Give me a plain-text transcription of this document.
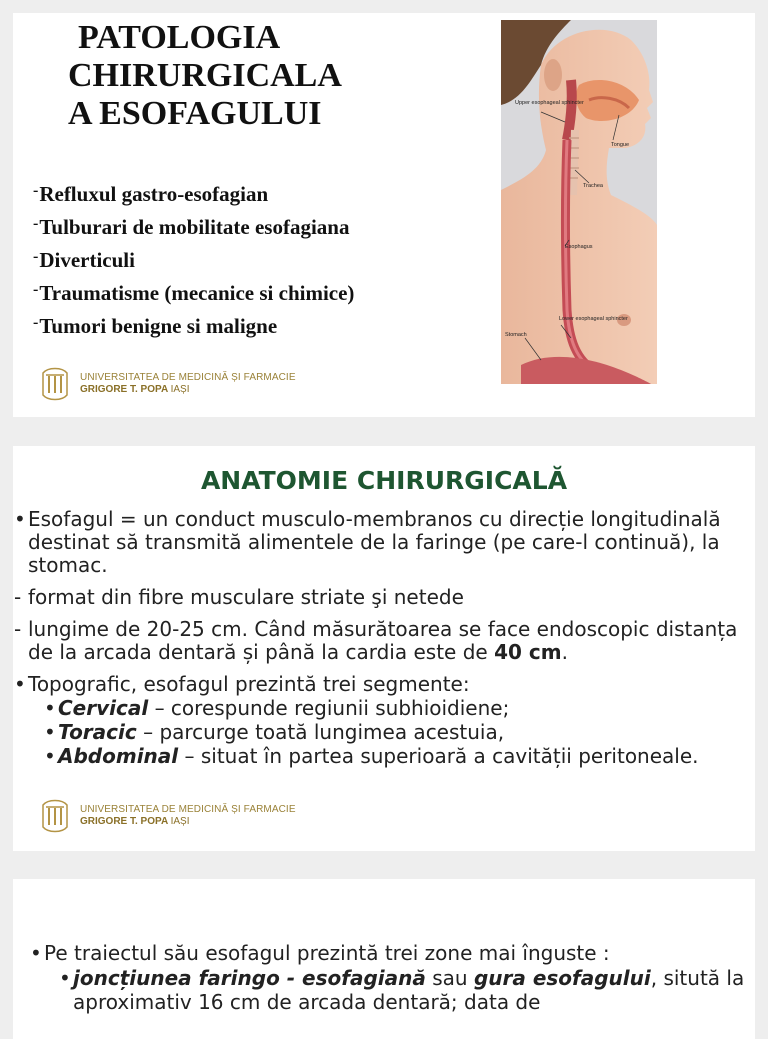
PATOLOGIA
CHIRURGICALA
A ESOFAGULUI
-Refluxul gastro-esofagian
-Tulburari de mobilitate esofagiana
-Diverticuli
-Traumatisme (mecanice si chimice)
-Tumori benigne si maligne
Upper esophageal sphincter
Tongue
Trachea
Esophagus
Lower esophageal sphincter
Stomach
UNIVERSITATEA DE MEDICINĂ ȘI FARMACIE
GRIGORE T. POPA IAȘI
ANATOMIE CHIRURGICALĂ
• Esofagul = un conduct musculo-membranos cu direcție longitudinală destinat să transmită alimentele de la faringe (pe care-l continuă), la stomac.
- format din fibre musculare striate şi netede
- lungime de 20-25 cm. Când măsurătoarea se face endoscopic distanța de la arcada dentară și până la cardia este de 40 cm.
• Topografic, esofagul prezintă trei segmente:
• Cervical – corespunde regiunii subhioidiene;
• Toracic – parcurge toată lungimea acestuia,
• Abdominal – situat în partea superioară a cavității peritoneale.
UNIVERSITATEA DE MEDICINĂ ȘI FARMACIE
GRIGORE T. POPA IAȘI
• Pe traiectul său esofagul prezintă trei zone mai înguste :
• joncțiunea faringo - esofagiană sau gura esofagului, sitută la aproximativ 16 cm de arcada dentară; data de
